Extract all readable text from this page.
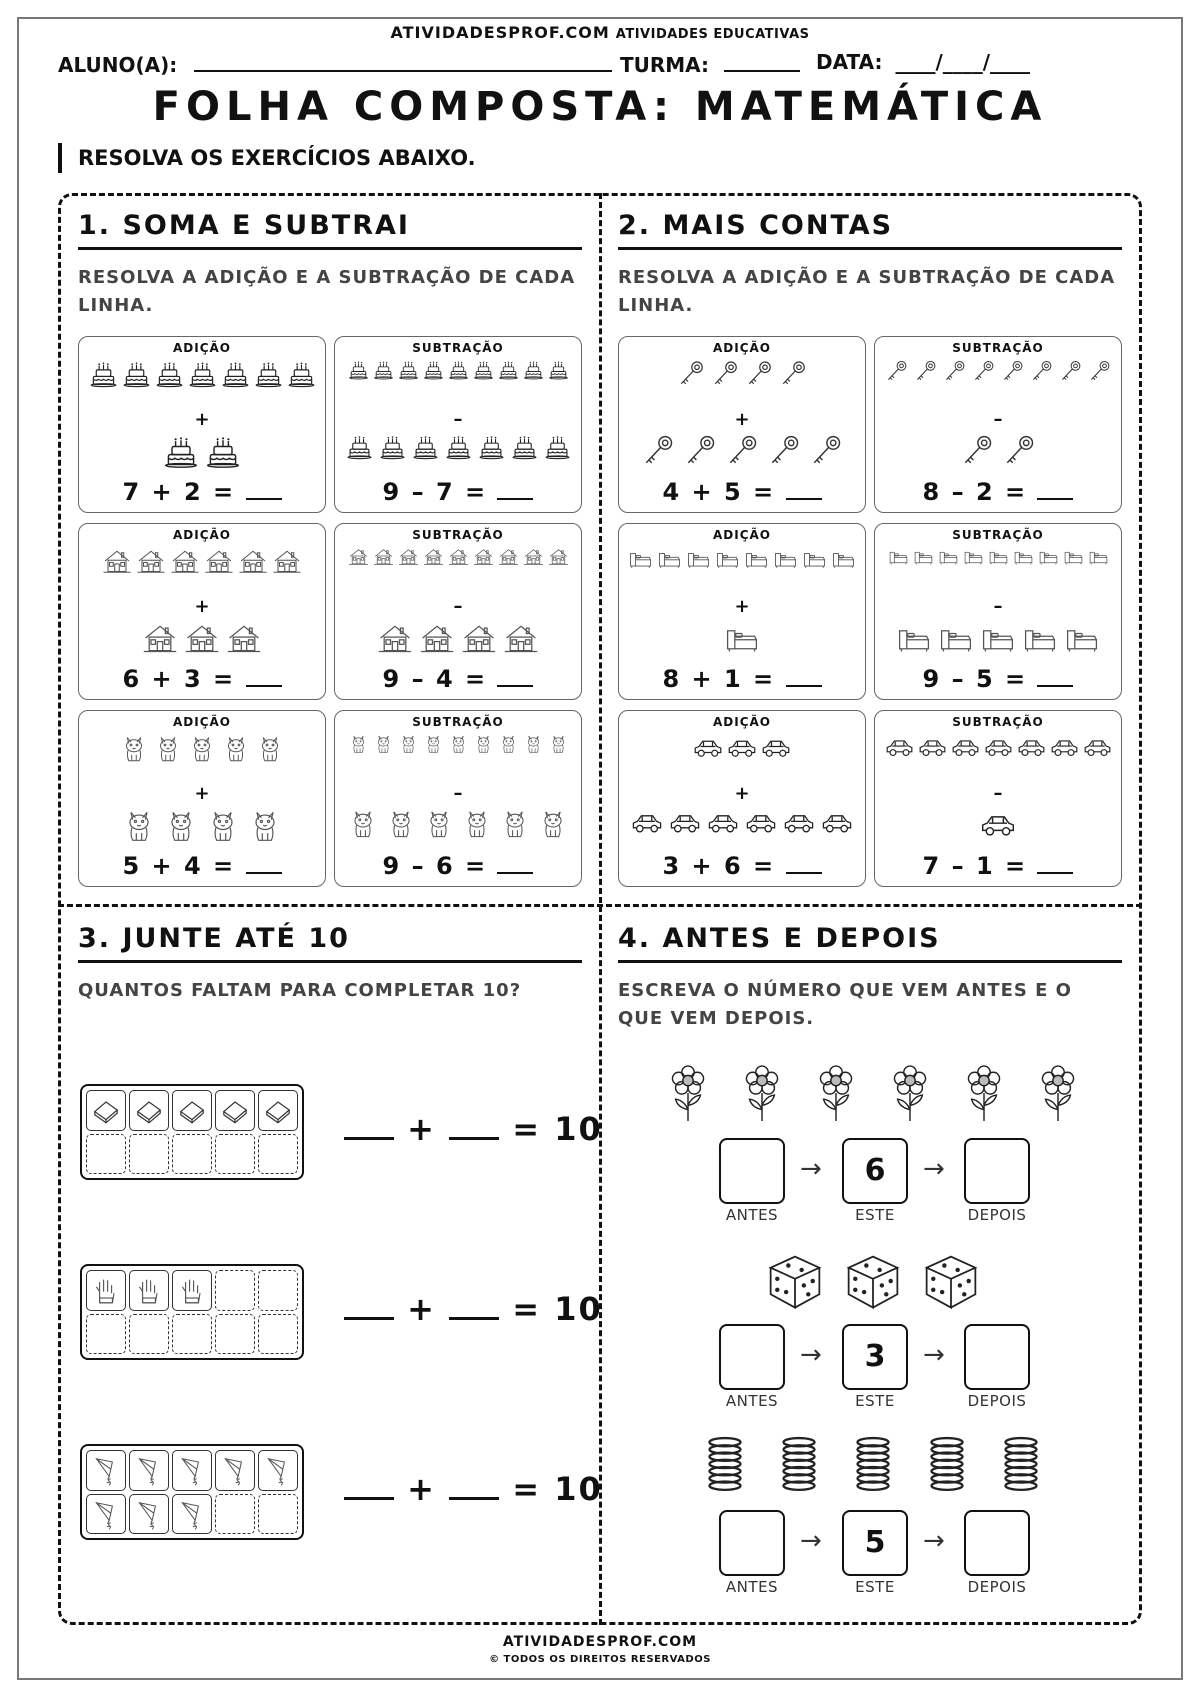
ATIVIDADESPROF.COM ATIVIDADES EDUCATIVAS
ALUNO(A):	TURMA:	DATA: ____/____/____
FOLHA COMPOSTA: MATEMÁTICA
RESOLVA OS EXERCÍCIOS ABAIXO.
1. SOMA E SUBTRAI
RESOLVA A ADIÇÃO E A SUBTRAÇÃO DE CADA LINHA.
ADIÇÃO
+
7 + 2 =
SUBTRAÇÃO
–
9 – 7 =
ADIÇÃO
+
6 + 3 =
SUBTRAÇÃO
–
9 – 4 =
ADIÇÃO
+
5 + 4 =
SUBTRAÇÃO
–
9 – 6 =
2. MAIS CONTAS
RESOLVA A ADIÇÃO E A SUBTRAÇÃO DE CADA LINHA.
ADIÇÃO
+
4 + 5 =
SUBTRAÇÃO
–
8 – 2 =
ADIÇÃO
+
8 + 1 =
SUBTRAÇÃO
–
9 – 5 =
ADIÇÃO
+
3 + 6 =
SUBTRAÇÃO
–
7 – 1 =
3. JUNTE ATÉ 10
QUANTOS FALTAM PARA COMPLETAR 10?
+  = 10
+  = 10
+  = 10
4. ANTES E DEPOIS
ESCREVA O NÚMERO QUE VEM ANTES E O QUE VEM DEPOIS.
→	6	→
ANTES	ESTE	DEPOIS
→	3	→
ANTES	ESTE	DEPOIS
→	5	→
ANTES	ESTE	DEPOIS
ATIVIDADESPROF.COM
© TODOS OS DIREITOS RESERVADOS
